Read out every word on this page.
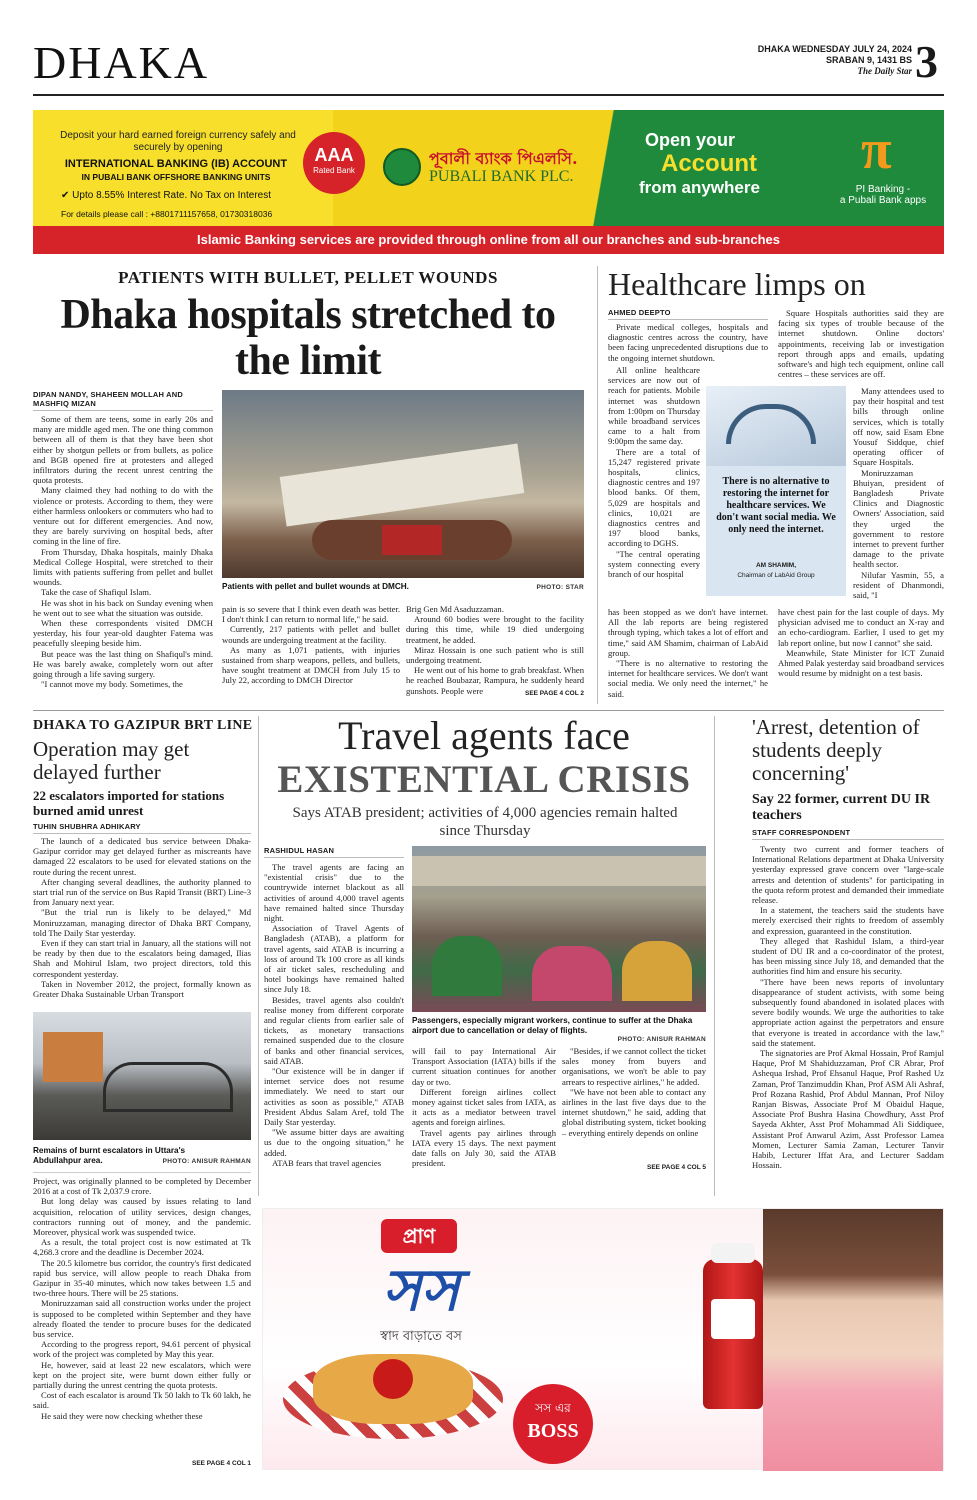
DHAKA	DHAKA WEDNESDAY JULY 24, 2024
SRABAN 9, 1431 BS
The Daily Star 3
Deposit your hard earned foreign currency safely and securely by opening
INTERNATIONAL BANKING (IB) ACCOUNT
IN PUBALI BANK OFFSHORE BANKING UNITS
✔ Upto 8.55% Interest Rate. No Tax on Interest
For details please call : +8801711157658, 01730318036
AAA
Rated Bank
পূবালী ব্যাংক পিএলসি.
PUBALI BANK PLC.
Open your
Account
from anywhere
π
PI Banking -
a Pubali Bank apps
Islamic Banking services are provided through online from all our branches and sub-branches
PATIENTS WITH BULLET, PELLET WOUNDS
Dhaka hospitals stretched to the limit
DIPAN NANDY, SHAHEEN MOLLAH AND MASHFIQ MIZAN

Some of them are teens, some in early 20s and many are middle aged men. The one thing common between all of them is that they have been shot either by shotgun pellets or from bullets, as police and BGB opened fire at protesters and alleged infiltrators during the recent unrest centring the quota protests.

Many claimed they had nothing to do with the violence or protests. According to them, they were either harmless onlookers or commuters who had to venture out for different emergencies. And now, they are barely surviving on hospital beds, after coming in the line of fire.

From Thursday, Dhaka hospitals, mainly Dhaka Medical College Hospital, were stretched to their limits with patients suffering from pellet and bullet wounds.

Take the case of Shafiqul Islam.

He was shot in his back on Sunday evening when he went out to see what the situation was outside.

When these correspondents visited DMCH yesterday, his four year-old daughter Fatema was peacefully sleeping beside him.

But peace was the last thing on Shafiqul's mind. He was barely awake, completely worn out after going through a life saving surgery.

"I cannot move my body. Sometimes, the

Patients with pellet and bullet wounds at DMCH.	PHOTO: STAR

pain is so severe that I think even death was better. I don't think I can return to normal life," he said.

Currently, 217 patients with pellet and bullet wounds are undergoing treatment at the facility.

As many as 1,071 patients, with injuries sustained from sharp weapons, pellets, and bullets, have sought treatment at DMCH from July 15 to July 22, according to DMCH Director

Brig Gen Md Asaduzzaman.

Around 60 bodies were brought to the facility during this time, while 19 died undergoing treatment, he added.

Miraz Hossain is one such patient who is still undergoing treatment.

He went out of his home to grab breakfast. When he reached Boubazar, Rampura, he suddenly heard gunshots. People were	SEE PAGE 4 COL 2
Healthcare limps on
AHMED DEEPTO

Private medical colleges, hospitals and diagnostic centres across the country, have been facing unprecedented disruptions due to the ongoing internet shutdown.

All online healthcare services are now out of reach for patients. Mobile internet was shutdown from 1:00pm on Thursday while broadband services came to a halt from 9:00pm the same day.

There are a total of 15,247 registered private hospitals, clinics, diagnostic centres and 197 blood banks. Of them, 5,029 are hospitals and clinics, 10,021 are diagnostics centres and 197 blood banks, according to DGHS.

"The central operating system connecting every branch of our hospital

has been stopped as we don't have internet. All the lab reports are being registered through typing, which takes a lot of effort and time," said AM Shamim, chairman of LabAid group.

"There is no alternative to restoring the internet for healthcare services. We don't want social media. We only need the internet," he said.

Square Hospitals authorities said they are facing six types of trouble because of the internet shutdown. Online doctors' appointments, receiving lab or investigation report through apps and emails, updating software's and high tech equipment, online call centres – these services are off.

Many attendees used to pay their hospital and test bills through online services, which is totally off now, said Esam Ebne Yousuf Siddque, chief operating officer of Square Hospitals.

Moniruzzaman Bhuiyan, president of Bangladesh Private Clinics and Diagnostic Owners' Association, said they urged the government to restore internet to prevent further damage to the private health sector.

Nilufar Yasmin, 55, a resident of Dhanmondi, said, "I

have chest pain for the last couple of days. My physician advised me to conduct an X-ray and an echo-cardiogram. Earlier, I used to get my lab report online, but now I cannot" she said.

Meanwhile, State Minister for ICT Zunaid Ahmed Palak yesterday said broadband services would resume by midnight on a test basis.

There is no alternative to restoring the internet for healthcare services. We don't want social media. We only need the internet.
AM SHAMIM,
Chairman of LabAid Group
DHAKA TO GAZIPUR BRT LINE
Operation may get delayed further
22 escalators imported for stations burned amid unrest
TUHIN SHUBHRA ADHIKARY

The launch of a dedicated bus service between Dhaka-Gazipur corridor may get delayed further as miscreants have damaged 22 escalators to be used for elevated stations on the route during the recent unrest.

After changing several deadlines, the authority planned to start trial run of the service on Bus Rapid Transit (BRT) Line-3 from January next year.

"But the trial run is likely to be delayed," Md Moniruzzaman, managing director of Dhaka BRT Company, told The Daily Star yesterday.

Even if they can start trial in January, all the stations will not be ready by then due to the escalators being damaged, Ilias Shah and Mohirul Islam, two project directors, told this correspondent yesterday.

Taken in November 2012, the project, formally known as Greater Dhaka Sustainable Urban Transport

Remains of burnt escalators in Uttara's Abdullahpur area.	PHOTO: ANISUR RAHMAN

Project, was originally planned to be completed by December 2016 at a cost of Tk 2,037.9 crore.

But long delay was caused by issues relating to land acquisition, relocation of utility services, design changes, contractors running out of money, and the pandemic. Moreover, physical work was suspended twice.

As a result, the total project cost is now estimated at Tk 4,268.3 crore and the deadline is December 2024.

The 20.5 kilometre bus corridor, the country's first dedicated rapid bus service, will allow people to reach Dhaka from Gazipur in 35-40 minutes, which now takes between 1.5 and two-three hours. There will be 25 stations.

Moniruzzaman said all construction works under the project is supposed to be completed within September and they have already floated the tender to procure buses for the dedicated bus service.

According to the progress report, 94.61 percent of physical work of the project was completed by May this year.

He, however, said at least 22 new escalators, which were kept on the project site, were burnt down either fully or partially during the unrest centring the quota protests.

Cost of each escalator is around Tk 50 lakh to Tk 60 lakh, he said.

He said they were now checking whether these

SEE PAGE 4 COL 1
Travel agents face
EXISTENTIAL CRISIS
Says ATAB president; activities of 4,000 agencies remain halted since Thursday
RASHIDUL HASAN

The travel agents are facing an "existential crisis" due to the countrywide internet blackout as all activities of around 4,000 travel agents have remained halted since Thursday night.

Association of Travel Agents of Bangladesh (ATAB), a platform for travel agents, said ATAB is incurring a loss of around Tk 100 crore as all kinds of air ticket sales, rescheduling and hotel bookings have remained halted since July 18.

Besides, travel agents also couldn't realise money from different corporate and regular clients from earlier sale of tickets, as monetary transactions remained suspended due to the closure of banks and other financial services, said ATAB.

"Our existence will be in danger if internet service does not resume immediately. We need to start our activities as soon as possible," ATAB President Abdus Salam Aref, told The Daily Star yesterday.

"We assume bitter days are awaiting us due to the ongoing situation," he added.

ATAB fears that travel agencies

Passengers, especially migrant workers, continue to suffer at the Dhaka airport due to cancellation or delay of flights.
PHOTO: ANISUR RAHMAN

will fail to pay International Air Transport Association (IATA) bills if the current situation continues for another day or two.

Different foreign airlines collect money against ticket sales from IATA, as it acts as a mediator between travel agents and foreign airlines.

Travel agents pay airlines through IATA every 15 days. The next payment date falls on July 30, said the ATAB president.

"Besides, if we cannot collect the ticket sales money from buyers and organisations, we won't be able to pay arrears to respective airlines," he added.

"We have not been able to contact any airlines in the last five days due to the internet shutdown," he said, adding that global distributing system, ticket booking – everything entirely depends on online

SEE PAGE 4 COL 5
'Arrest, detention of students deeply concerning'
Say 22 former, current DU IR teachers
STAFF CORRESPONDENT

Twenty two current and former teachers of International Relations department at Dhaka University yesterday expressed grave concern over "large-scale arrests and detention of students" for participating in the quota reform protest and demanded their immediate release.

In a statement, the teachers said the students have merely exercised their rights to freedom of assembly and expression, guaranteed in the constitution.

They alleged that Rashidul Islam, a third-year student of DU IR and a co-coordinator of the protest, has been missing since July 18, and demanded that the authorities find him and ensure his security.

"There have been news reports of involuntary disappearance of student activists, with some being subsequently found abandoned in isolated places with severe bodily wounds. We urge the authorities to take appropriate action against the perpetrators and ensure that everyone is treated in accordance with the law," said the statement.

The signatories are Prof Akmal Hossain, Prof Ramjul Haque, Prof M Shahiduzzaman, Prof CR Abrar, Prof Ashequa Irshad, Prof Ehsanul Haque, Prof Rashed Uz Zaman, Prof Tanzimuddin Khan, Prof ASM Ali Ashraf, Prof Rozana Rashid, Prof Abdul Mannan, Prof Niloy Ranjan Biswas, Associate Prof M Obaidul Haque, Associate Prof Bushra Hasina Chowdhury, Asst Prof Sayeda Akhter, Asst Prof Mohammad Ali Siddiquee, Assistant Prof Anwarul Azim, Asst Professor Lamea Momen, Lecturer Samia Zaman, Lecturer Tanvir Habib, Lecturer Iffat Ara, and Lecturer Saddam Hossain.

প্রাণ
সস
স্বাদ বাড়াতে বস
সস এর
BOSS
